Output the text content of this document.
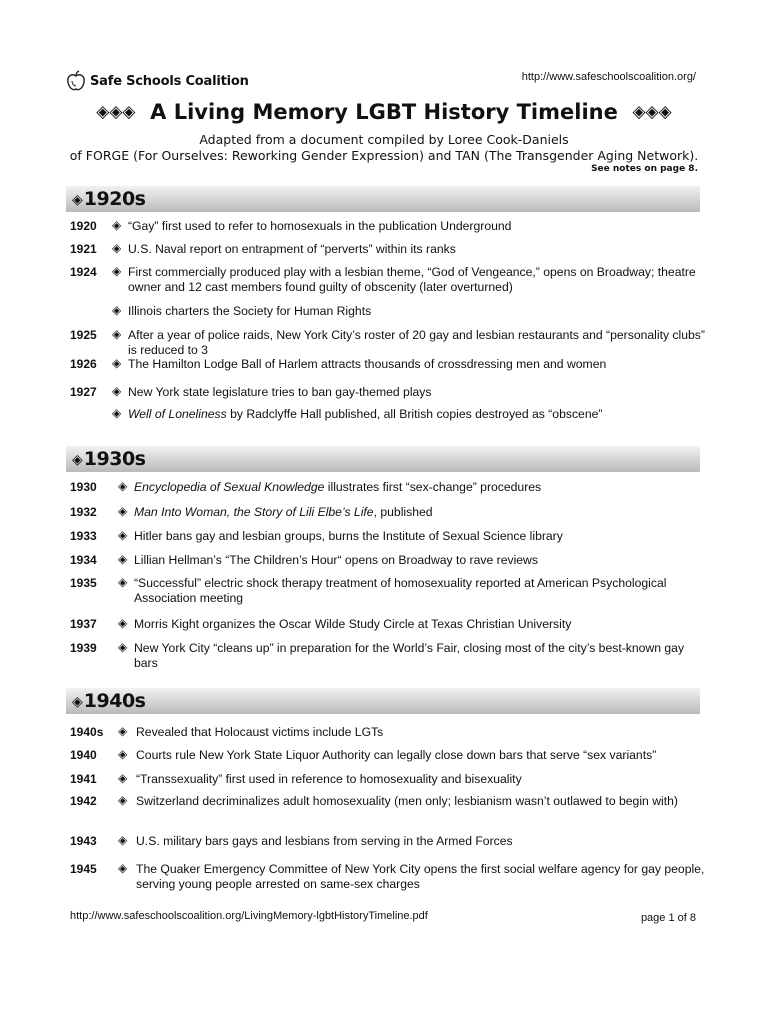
Safe Schools Coalition	http://www.safeschoolscoalition.org/
◈◈◈ A Living Memory LGBT History Timeline ◈◈◈
Adapted from a document compiled by Loree Cook-Daniels
of FORGE (For Ourselves: Reworking Gender Expression) and TAN (The Transgender Aging Network).
See notes on page 8.
◈ 1920s
1920 ◈ “Gay” first used to refer to homosexuals in the publication Underground
1921 ◈ U.S. Naval report on entrapment of “perverts” within its ranks
1924 ◈ First commercially produced play with a lesbian theme, “God of Vengeance,” opens on Broadway; theatre owner and 12 cast members found guilty of obscenity (later overturned)
◈ Illinois charters the Society for Human Rights
1925 ◈ After a year of police raids, New York City’s roster of 20 gay and lesbian restaurants and “personality clubs” is reduced to 3
1926 ◈ The Hamilton Lodge Ball of Harlem attracts thousands of crossdressing men and women
1927 ◈ New York state legislature tries to ban gay-themed plays
◈ Well of Loneliness by Radclyffe Hall published, all British copies destroyed as “obscene”
◈ 1930s
1930 ◈ Encyclopedia of Sexual Knowledge illustrates first “sex-change” procedures
1932 ◈ Man Into Woman, the Story of Lili Elbe’s Life, published
1933 ◈ Hitler bans gay and lesbian groups, burns the Institute of Sexual Science library
1934 ◈ Lillian Hellman’s “The Children’s Hour“ opens on Broadway to rave reviews
1935 ◈ “Successful” electric shock therapy treatment of homosexuality reported at American Psychological Association meeting
1937 ◈ Morris Kight organizes the Oscar Wilde Study Circle at Texas Christian University
1939 ◈ New York City “cleans up” in preparation for the World’s Fair, closing most of the city’s best-known gay bars
◈ 1940s
1940s ◈ Revealed that Holocaust victims include LGTs
1940 ◈ Courts rule New York State Liquor Authority can legally close down bars that serve “sex variants”
1941 ◈ “Transsexuality” first used in reference to homosexuality and bisexuality
1942 ◈ Switzerland decriminalizes adult homosexuality (men only; lesbianism wasn’t outlawed to begin with)
1943 ◈ U.S. military bars gays and lesbians from serving in the Armed Forces
1945 ◈ The Quaker Emergency Committee of New York City opens the first social welfare agency for gay people, serving young people arrested on same-sex charges
http://www.safeschoolscoalition.org/LivingMemory-lgbtHistoryTimeline.pdf	page 1 of 8
